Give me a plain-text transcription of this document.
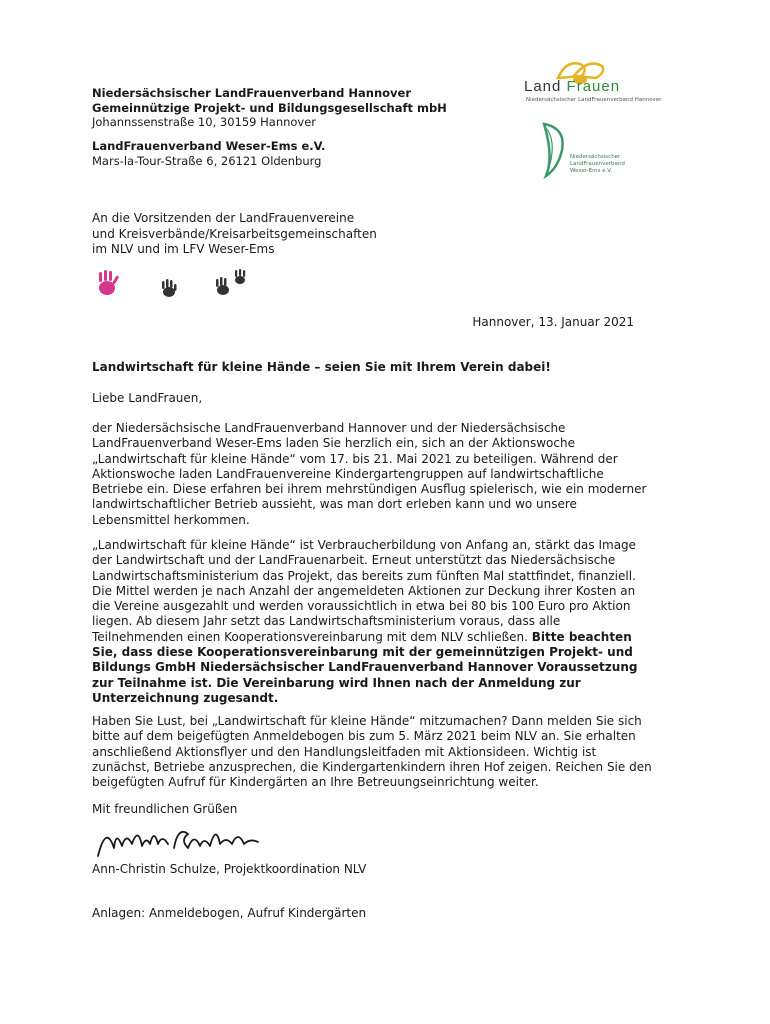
Land Frauen
Niedersächsischer LandFrauenverband Hannover
Niedersächsischer
LandFrauenverband
Weser-Ems e.V.
Niedersächsischer LandFrauenverband Hannover
Gemeinnützige Projekt- und Bildungsgesellschaft mbH
Johannssenstraße 10, 30159 Hannover
LandFrauenverband Weser-Ems e.V.
Mars-la-Tour-Straße 6, 26121 Oldenburg
An die Vorsitzenden der LandFrauenvereine
und Kreisverbände/Kreisarbeitsgemeinschaften
im NLV und im LFV Weser-Ems
Hannover, 13. Januar 2021
Landwirtschaft für kleine Hände – seien Sie mit Ihrem Verein dabei!
Liebe LandFrauen,

der Niedersächsische LandFrauenverband Hannover und der Niedersächsische LandFrauenverband Weser-Ems laden Sie herzlich ein, sich an der Aktionswoche „Landwirtschaft für kleine Hände“ vom 17. bis 21. Mai 2021 zu beteiligen. Während der Aktionswoche laden LandFrauenvereine Kindergartengruppen auf landwirtschaftliche Betriebe ein. Diese erfahren bei ihrem mehrstündigen Ausflug spielerisch, wie ein moderner landwirtschaftlicher Betrieb aussieht, was man dort erleben kann und wo unsere Lebensmittel herkommen.

„Landwirtschaft für kleine Hände“ ist Verbraucherbildung von Anfang an, stärkt das Image der Landwirtschaft und der LandFrauenarbeit. Erneut unterstützt das Niedersächsische Landwirtschaftsministerium das Projekt, das bereits zum fünften Mal stattfindet, finanziell. Die Mittel werden je nach Anzahl der angemeldeten Aktionen zur Deckung ihrer Kosten an die Vereine ausgezahlt und werden voraussichtlich in etwa bei 80 bis 100 Euro pro Aktion liegen. Ab diesem Jahr setzt das Landwirtschaftsministerium voraus, dass alle Teilnehmenden einen Kooperationsvereinbarung mit dem NLV schließen. Bitte beachten Sie, dass diese Kooperationsvereinbarung mit der gemeinnützigen Projekt- und Bildungs GmbH Niedersächsischer LandFrauenverband Hannover Voraussetzung zur Teilnahme ist. Die Vereinbarung wird Ihnen nach der Anmeldung zur Unterzeichnung zugesandt.

Haben Sie Lust, bei „Landwirtschaft für kleine Hände“ mitzumachen? Dann melden Sie sich bitte auf dem beigefügten Anmeldebogen bis zum 5. März 2021 beim NLV an. Sie erhalten anschließend Aktionsflyer und den Handlungsleitfaden mit Aktionsideen. Wichtig ist zunächst, Betriebe anzusprechen, die Kindergartenkindern ihren Hof zeigen. Reichen Sie den beigefügten Aufruf für Kindergärten an Ihre Betreuungseinrichtung weiter.

Mit freundlichen Grüßen
Ann-Christin Schulze, Projektkoordination NLV
Anlagen: Anmeldebogen, Aufruf Kindergärten
